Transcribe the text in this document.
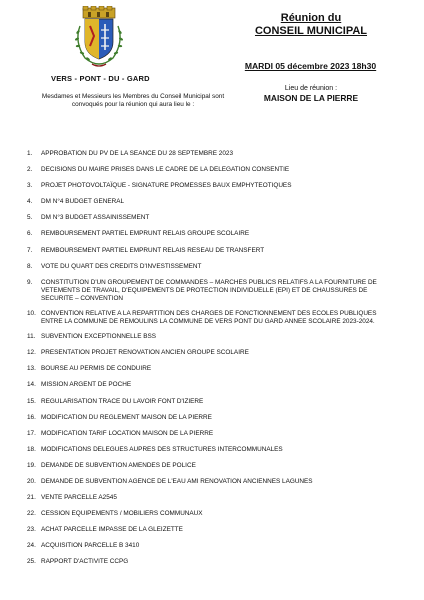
VERS - PONT - DU - GARD
Mesdames et Messieurs les Membres du Conseil Municipal sont convoqués pour la réunion qui aura lieu le :
Réunion du
CONSEIL MUNICIPAL
MARDI 05 décembre 2023 18h30
Lieu de réunion :
MAISON DE LA PIERRE
1.	APPROBATION DU PV DE LA SEANCE DU 28 SEPTEMBRE 2023
2.	DECISIONS DU MAIRE PRISES DANS LE CADRE DE LA DELEGATION CONSENTIE
3.	PROJET PHOTOVOLTAÏQUE - SIGNATURE PROMESSES BAUX EMPHYTEOTIQUES
4.	DM N°4 BUDGET GENERAL
5.	DM N°3 BUDGET ASSAINISSEMENT
6.	REMBOURSEMENT PARTIEL EMPRUNT RELAIS GROUPE SCOLAIRE
7.	REMBOURSEMENT PARTIEL EMPRUNT RELAIS RESEAU DE TRANSFERT
8.	VOTE DU QUART DES CREDITS D'INVESTISSEMENT
9.	CONSTITUTION D'UN GROUPEMENT DE COMMANDES – MARCHES PUBLICS RELATIFS A LA FOURNITURE DE VETEMENTS DE TRAVAIL, D'EQUIPEMENTS DE PROTECTION INDIVIDUELLE (EPI) ET DE CHAUSSURES DE SECURITE – CONVENTION
10. CONVENTION RELATIVE A LA REPARTITION DES CHARGES DE FONCTIONNEMENT DES ECOLES PUBLIQUES ENTRE LA COMMUNE DE REMOULINS LA COMMUNE DE VERS PONT DU GARD ANNEE SCOLAIRE 2023-2024.
11. SUBVENTION EXCEPTIONNELLE BSS
12. PRESENTATION PROJET RENOVATION ANCIEN GROUPE SCOLAIRE
13. BOURSE AU PERMIS DE CONDUIRE
14. MISSION ARGENT DE POCHE
15. REGULARISATION TRACE DU LAVOIR FONT D'IZIERE
16. MODIFICATION DU REGLEMENT MAISON DE LA PIERRE
17. MODIFICATION TARIF LOCATION MAISON DE LA PIERRE
18. MODIFICATIONS DELEGUES AUPRES DES STRUCTURES INTERCOMMUNALES
19. DEMANDE DE SUBVENTION AMENDES DE POLICE
20. DEMANDE DE SUBVENTION AGENCE DE L'EAU AMI RENOVATION ANCIENNES LAGUNES
21. VENTE PARCELLE A2545
22. CESSION EQUIPEMENTS / MOBILIERS COMMUNAUX
23. ACHAT PARCELLE IMPASSE DE LA GLEIZETTE
24. ACQUISITION PARCELLE B 3410
25. RAPPORT D'ACTIVITE CCPG
